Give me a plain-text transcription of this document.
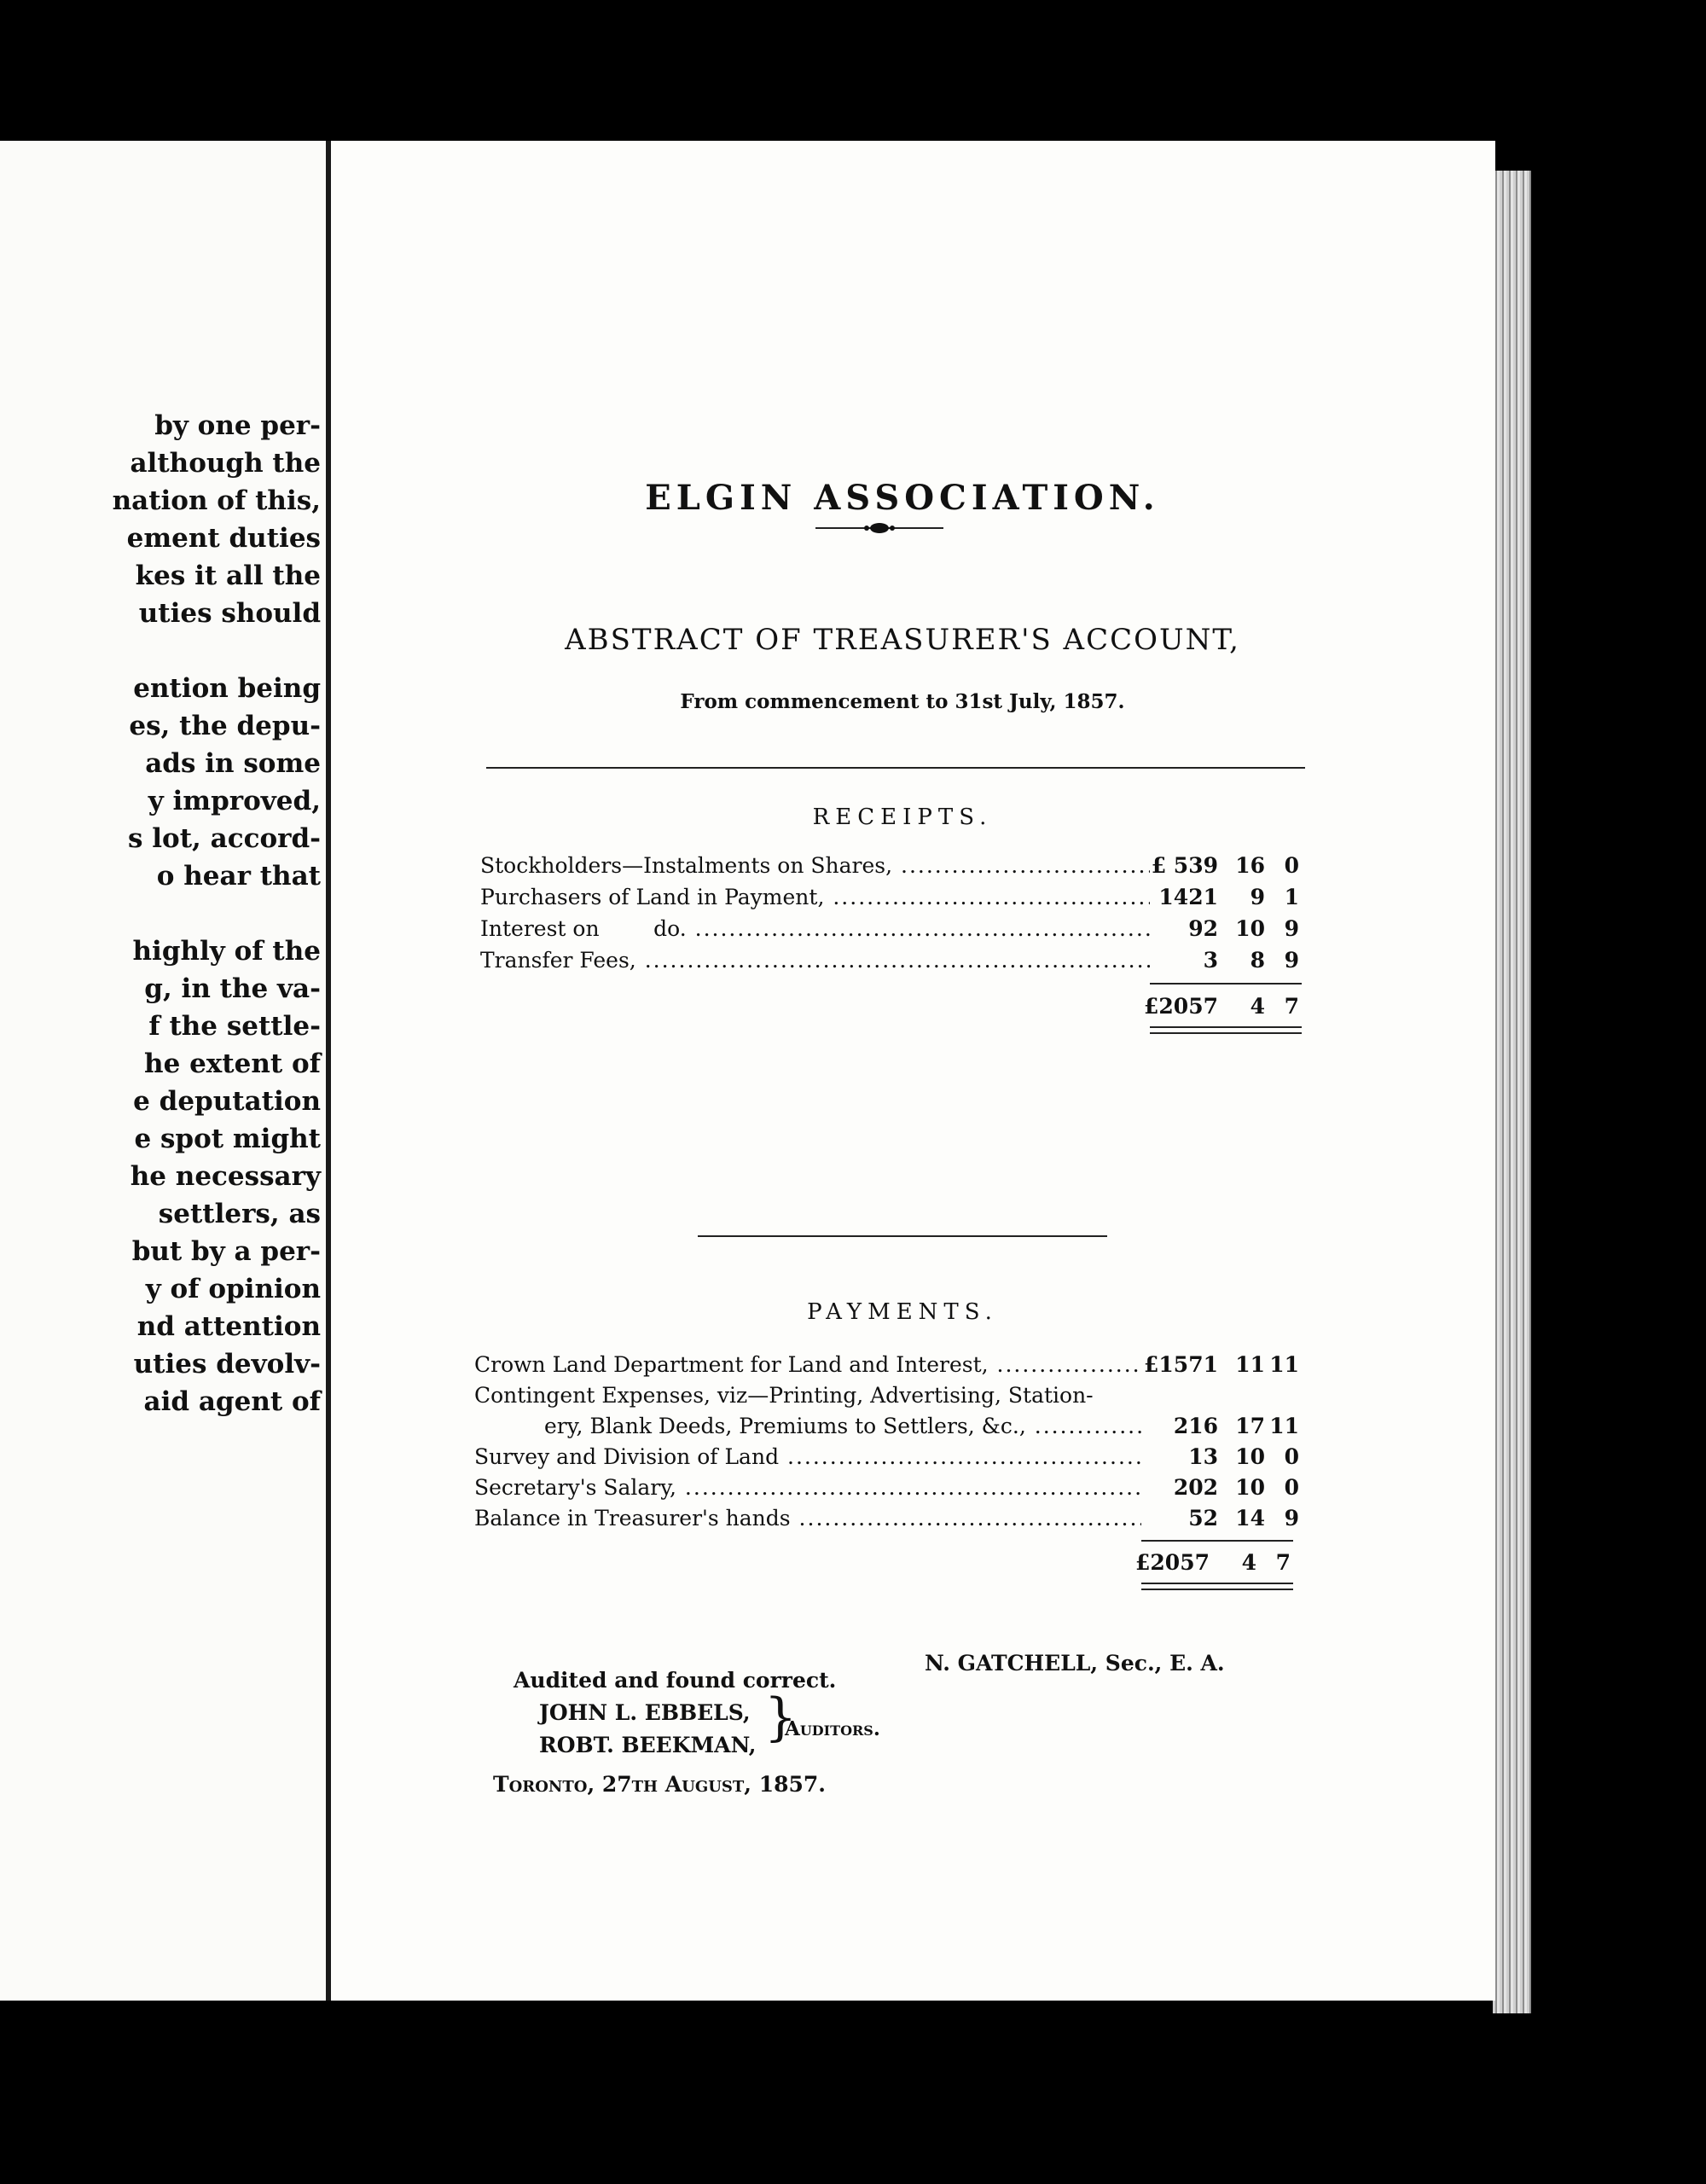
by one per-
although the
nation of this,
ement duties
kes it all the
uties should
ention being
es, the depu-
ads in some
y improved,
s lot, accord-
o hear that
highly of the
g, in the va-
f the settle-
he extent of
e deputation
e spot might
he necessary
settlers, as
but by a per-
y of opinion
nd attention
uties devolv-
aid agent of
ELGIN ASSOCIATION.
ABSTRACT OF TREASURER'S ACCOUNT,
From commencement to 31st July, 1857.
RECEIPTS.
Stockholders—Instalments on Shares, .....	£ 539 16 0
Purchasers of Land in Payment, .....	1421	9 1
Interest on        do. .....	92 10 9
Transfer Fees, .....	3	8 9
£2057	4 7
PAYMENTS.
Crown Land Department for Land and Interest, .....	£1571 11 11
Contingent Expenses, viz—Printing, Advertising, Station-
ery, Blank Deeds, Premiums to Settlers, &c., .....	216 17 11
Survey and Division of Land .....	13 10 0
Secretary's Salary, .....	202 10 0
Balance in Treasurer's hands .....	52 14 9
£2057	4 7
N. GATCHELL, Sec., E. A.
Audited and found correct.
JOHN L. EBBELS,
ROBT. BEEKMAN, }
Auditors.
Toronto, 27th August, 1857.
